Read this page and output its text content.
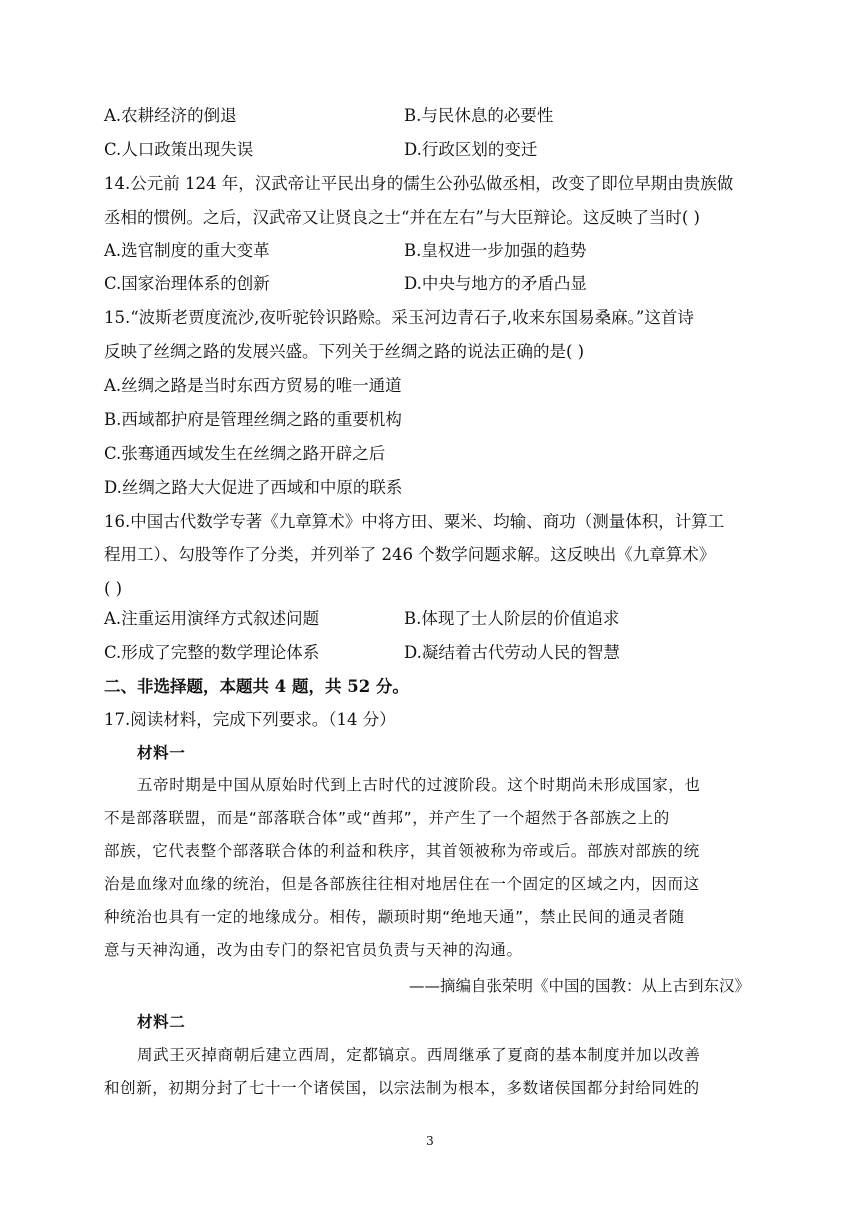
A.农耕经济的倒退	B.与民休息的必要性
C.人口政策出现失误	D.行政区划的变迁
14.公元前 124 年，汉武帝让平民出身的儒生公孙弘做丞相，改变了即位早期由贵族做
丞相的惯例。之后，汉武帝又让贤良之士“并在左右”与大臣辩论。这反映了当时( )
A.选官制度的重大变革	B.皇权进一步加强的趋势
C.国家治理体系的创新	D.中央与地方的矛盾凸显
15.“波斯老贾度流沙,夜听驼铃识路赊。采玉河边青石子,收来东国易桑麻。”这首诗
反映了丝绸之路的发展兴盛。下列关于丝绸之路的说法正确的是( )
A.丝绸之路是当时东西方贸易的唯一通道
B.西域都护府是管理丝绸之路的重要机构
C.张骞通西域发生在丝绸之路开辟之后
D.丝绸之路大大促进了西域和中原的联系
16.中国古代数学专著《九章算术》中将方田、粟米、均输、商功（测量体积，计算工
程用工）、勾股等作了分类，并列举了 246 个数学问题求解。这反映出《九章算术》
( )
A.注重运用演绎方式叙述问题	B.体现了士人阶层的价值追求
C.形成了完整的数学理论体系	D.凝结着古代劳动人民的智慧
二、非选择题，本题共 4 题，共 52 分。
17.阅读材料，完成下列要求。（14 分）
材料一
五帝时期是中国从原始时代到上古时代的过渡阶段。这个时期尚未形成国家，也
不是部落联盟，而是“部落联合体”或“酋邦”，并产生了一个超然于各部族之上的
部族，它代表整个部落联合体的利益和秩序，其首领被称为帝或后。部族对部族的统
治是血缘对血缘的统治，但是各部族往往相对地居住在一个固定的区域之内，因而这
种统治也具有一定的地缘成分。相传，颛顼时期“绝地天通”，禁止民间的通灵者随
意与天神沟通，改为由专门的祭祀官员负责与天神的沟通。
——摘编自张荣明《中国的国教：从上古到东汉》
材料二
周武王灭掉商朝后建立西周，定都镐京。西周继承了夏商的基本制度并加以改善
和创新，初期分封了七十一个诸侯国，以宗法制为根本，多数诸侯国都分封给同姓的
3
